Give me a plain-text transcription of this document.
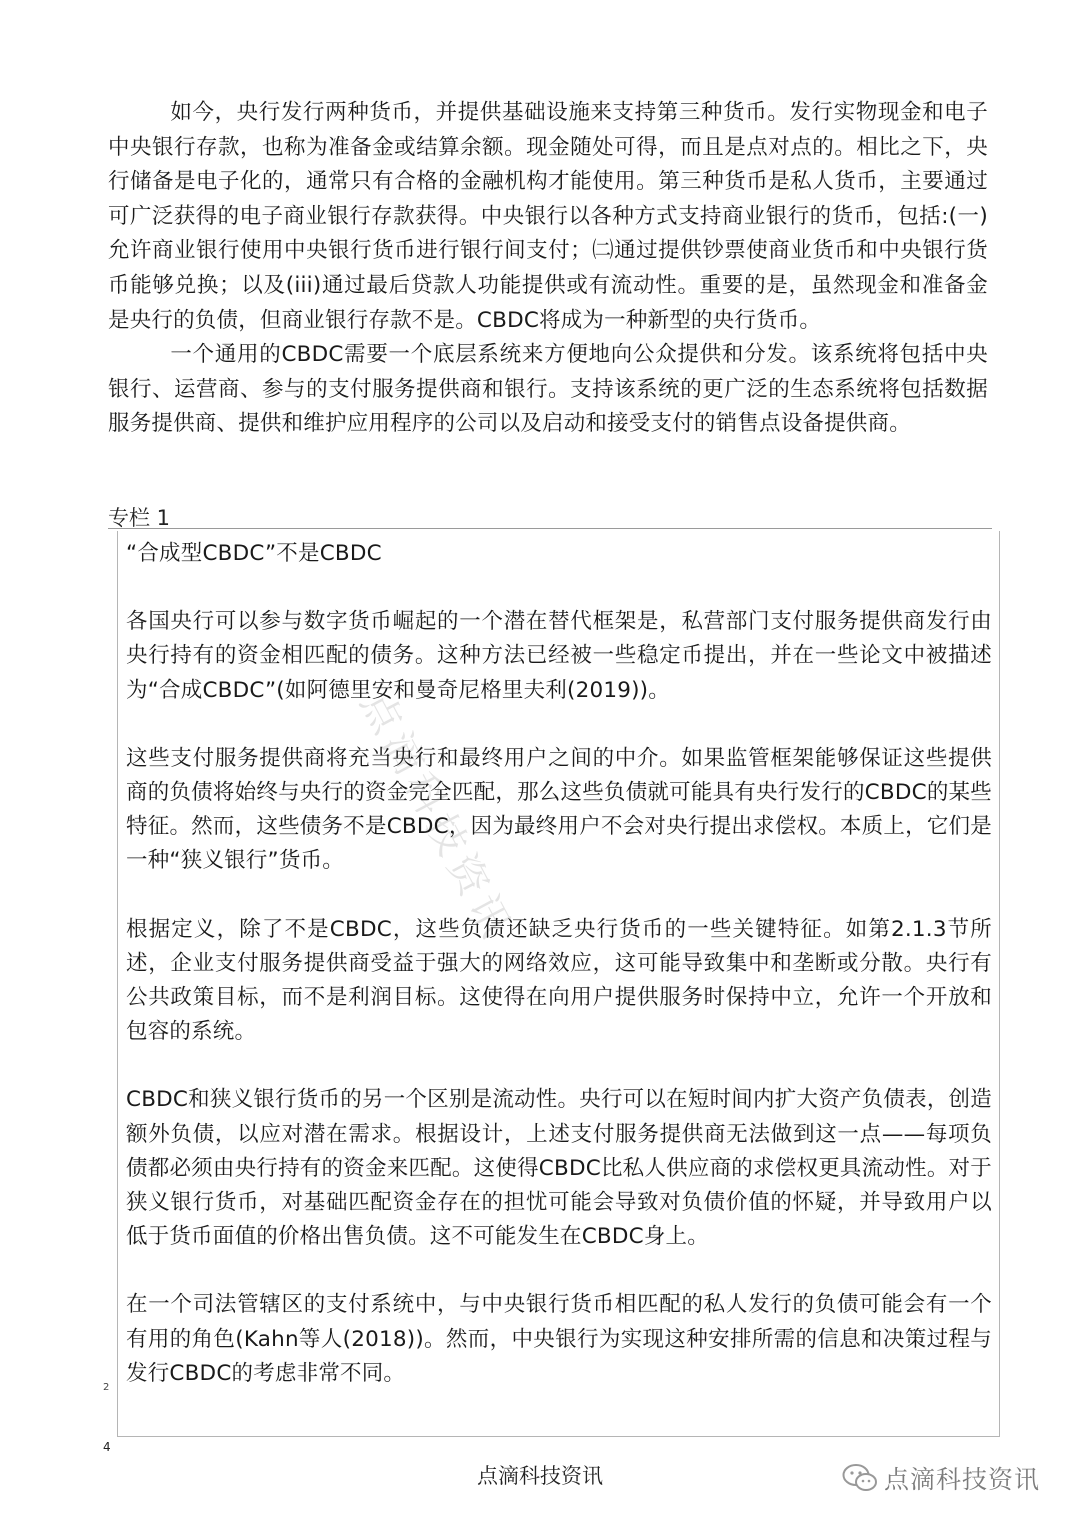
如今，央行发行两种货币，并提供基础设施来支持第三种货币。发行实物现金和电子中央银行存款，也称为准备金或结算余额。现金随处可得，而且是点对点的。相比之下，央行储备是电子化的，通常只有合格的金融机构才能使用。第三种货币是私人货币，主要通过可广泛获得的电子商业银行存款获得。中央银行以各种方式支持商业银行的货币，包括:(一)允许商业银行使用中央银行货币进行银行间支付；㈡通过提供钞票使商业货币和中央银行货币能够兑换；以及(iii)通过最后贷款人功能提供或有流动性。重要的是，虽然现金和准备金是央行的负债，但商业银行存款不是。CBDC将成为一种新型的央行货币。

一个通用的CBDC需要一个底层系统来方便地向公众提供和分发。该系统将包括中央银行、运营商、参与的支付服务提供商和银行。支持该系统的更广泛的生态系统将包括数据服务提供商、提供和维护应用程序的公司以及启动和接受支付的销售点设备提供商。

专栏 1
点滴科技资讯

“合成型CBDC”不是CBDC

各国央行可以参与数字货币崛起的一个潜在替代框架是，私营部门支付服务提供商发行由央行持有的资金相匹配的债务。这种方法已经被一些稳定币提出，并在一些论文中被描述为“合成CBDC”(如阿德里安和曼奇尼格里夫利(2019))。

这些支付服务提供商将充当央行和最终用户之间的中介。如果监管框架能够保证这些提供商的负债将始终与央行的资金完全匹配，那么这些负债就可能具有央行发行的CBDC的某些特征。然而，这些债务不是CBDC，因为最终用户不会对央行提出求偿权。本质上，它们是一种“狭义银行”货币。

根据定义，除了不是CBDC，这些负债还缺乏央行货币的一些关键特征。如第2.1.3节所述，企业支付服务提供商受益于强大的网络效应，这可能导致集中和垄断或分散。央行有公共政策目标，而不是利润目标。这使得在向用户提供服务时保持中立，允许一个开放和包容的系统。

CBDC和狭义银行货币的另一个区别是流动性。央行可以在短时间内扩大资产负债表，创造额外负债，以应对潜在需求。根据设计，上述支付服务提供商无法做到这一点——每项负债都必须由央行持有的资金来匹配。这使得CBDC比私人供应商的求偿权更具流动性。对于狭义银行货币，对基础匹配资金存在的担忧可能会导致对负债价值的怀疑，并导致用户以低于货币面值的价格出售负债。这不可能发生在CBDC身上。

在一个司法管辖区的支付系统中，与中央银行货币相匹配的私人发行的负债可能会有一个有用的角色(Kahn等人(2018))。然而，中央银行为实现这种安排所需的信息和决策过程与发行CBDC的考虑非常不同。

2
4
点滴科技资讯	点滴科技资讯
